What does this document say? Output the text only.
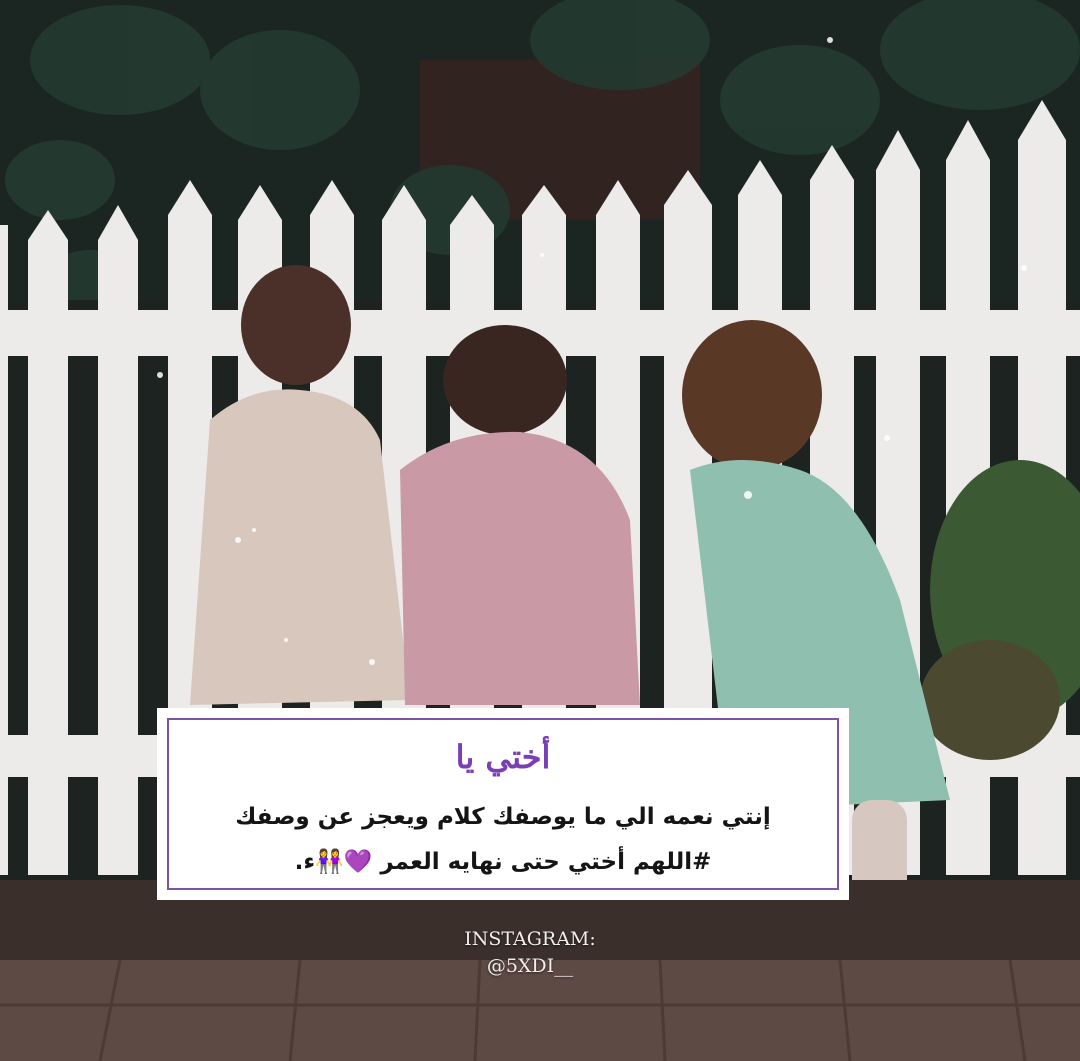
أختي يا
إنتي نعمه الي ما يوصفك كلام ويعجز عن وصفك
#اللهم أختي حتى نهايه العمر 💜👭ء.
INSTAGRAM:
@5XDI__
